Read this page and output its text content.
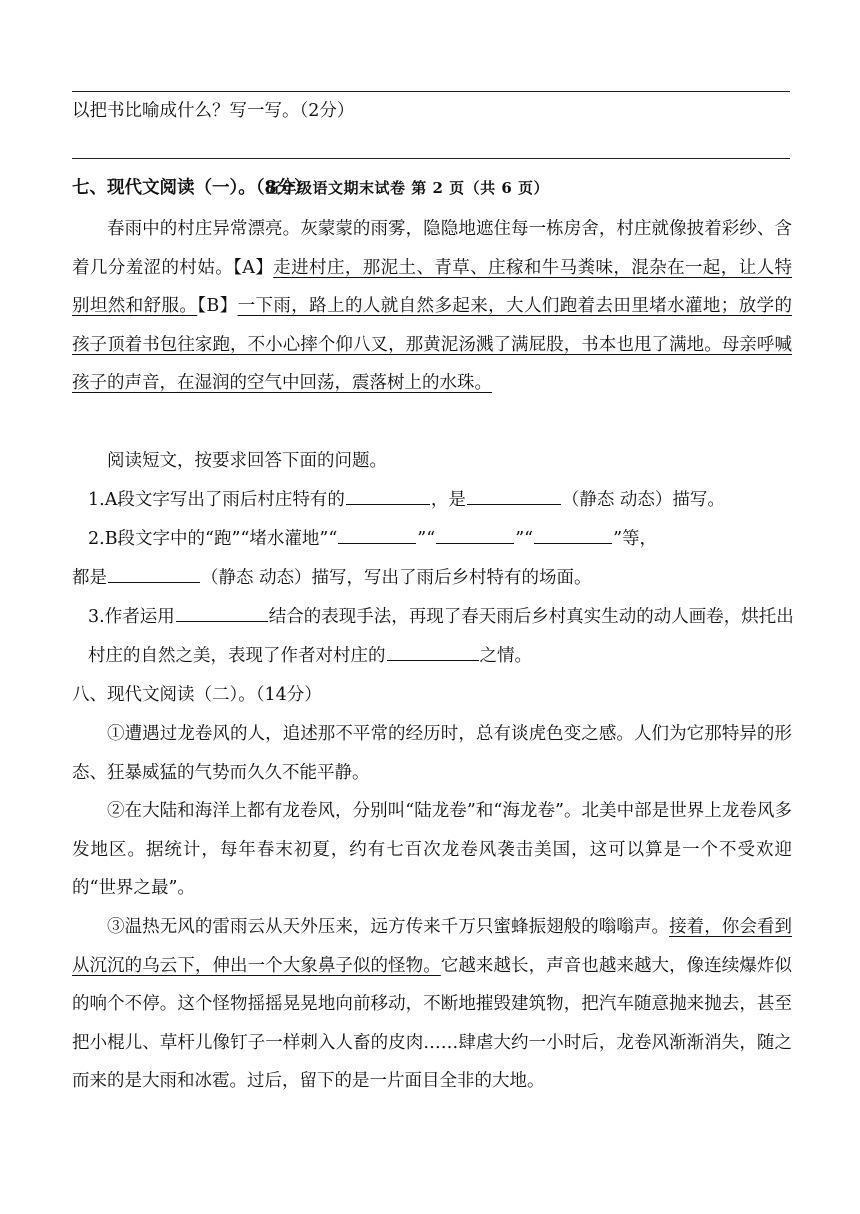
以把书比喻成什么？写一写。（2分）
七、现代文阅读（一）。（8分）
五年级语文期末试卷 第 2 页（共 6 页）
春雨中的村庄异常漂亮。灰蒙蒙的雨雾，隐隐地遮住每一栋房舍，村庄就像披着彩纱、含着几分羞涩的村姑。【A】走进村庄，那泥土、青草、庄稼和牛马粪味，混杂在一起，让人特别坦然和舒服。【B】一下雨，路上的人就自然多起来，大人们跑着去田里堵水灌地；放学的孩子顶着书包往家跑，不小心摔个仰八叉，那黄泥汤溅了满屁股，书本也甩了满地。母亲呼喊孩子的声音，在湿润的空气中回荡，震落树上的水珠。
阅读短文，按要求回答下面的问题。
1.A段文字写出了雨后村庄特有的	，是	（静态 动态）描写。
2.B段文字中的“跑”“堵水灌地”“	”“	”“	”等，
都是	（静态 动态）描写，写出了雨后乡村特有的场面。
3.作者运用	结合的表现手法，再现了春天雨后乡村真实生动的动人画卷，烘托出村庄的自然之美，表现了作者对村庄的	之情。
八、现代文阅读（二）。（14分）
①遭遇过龙卷风的人，追述那不平常的经历时，总有谈虎色变之感。人们为它那特异的形态、狂暴威猛的气势而久久不能平静。
②在大陆和海洋上都有龙卷风，分别叫“陆龙卷”和“海龙卷”。北美中部是世界上龙卷风多发地区。据统计，每年春末初夏，约有七百次龙卷风袭击美国，这可以算是一个不受欢迎的“世界之最”。
③温热无风的雷雨云从天外压来，远方传来千万只蜜蜂振翅般的嗡嗡声。接着，你会看到从沉沉的乌云下，伸出一个大象鼻子似的怪物。它越来越长，声音也越来越大，像连续爆炸似的响个不停。这个怪物摇摇晃晃地向前移动，不断地摧毁建筑物，把汽车随意抛来抛去，甚至把小棍儿、草杆儿像钉子一样刺入人畜的皮肉……肆虐大约一小时后，龙卷风渐渐消失，随之而来的是大雨和冰雹。过后，留下的是一片面目全非的大地。
